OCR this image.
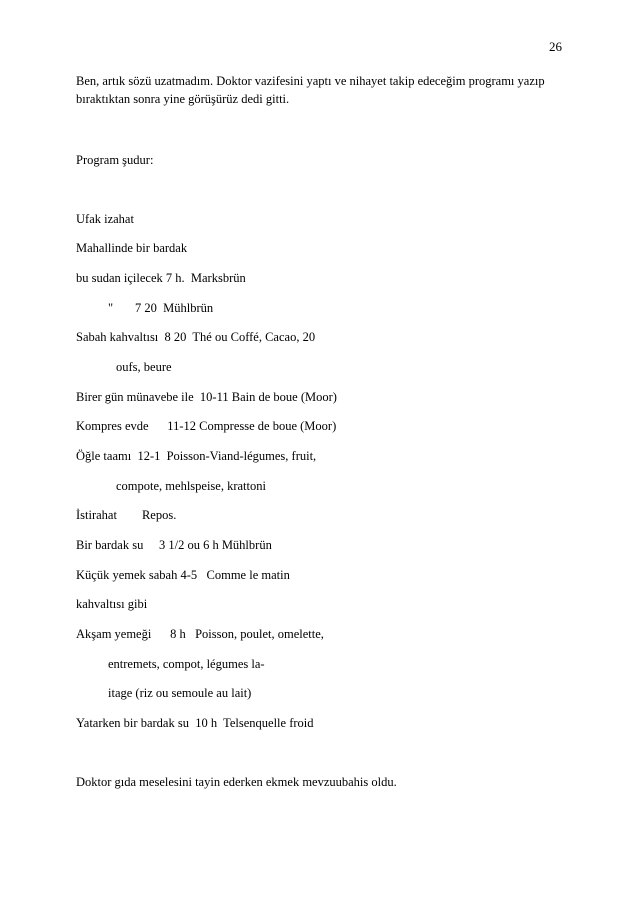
26
Ben, artık sözü uzatmadım. Doktor vazifesini yaptı ve nihayet takip edeceğim programı yazıp
bıraktıktan sonra yine görüşürüz dedi gitti.
Program şudur:
Ufak izahat
Mahallinde bir bardak
bu sudan içilecek 7 h.  Marksbrün
"       7 20  Mühlbrün
Sabah kahvaltısı  8 20  Thé ou Coffé, Cacao, 20
oufs, beure
Birer gün münavebe ile  10-11 Bain de boue (Moor)
Kompres evde      11-12 Compresse de boue (Moor)
Öğle taamı  12-1  Poisson-Viand-légumes, fruit,
compote, mehlspeise, krattoni
İstirahat        Repos.
Bir bardak su     3 1/2 ou 6 h Mühlbrün
Küçük yemek sabah 4-5   Comme le matin
kahvaltısı gibi
Akşam yemeği      8 h   Poisson, poulet, omelette,
entremets, compot, légumes la-
itage (riz ou semoule au lait)
Yatarken bir bardak su  10 h  Telsenquelle froid
Doktor gıda meselesini tayin ederken ekmek mevzuubahis oldu.
